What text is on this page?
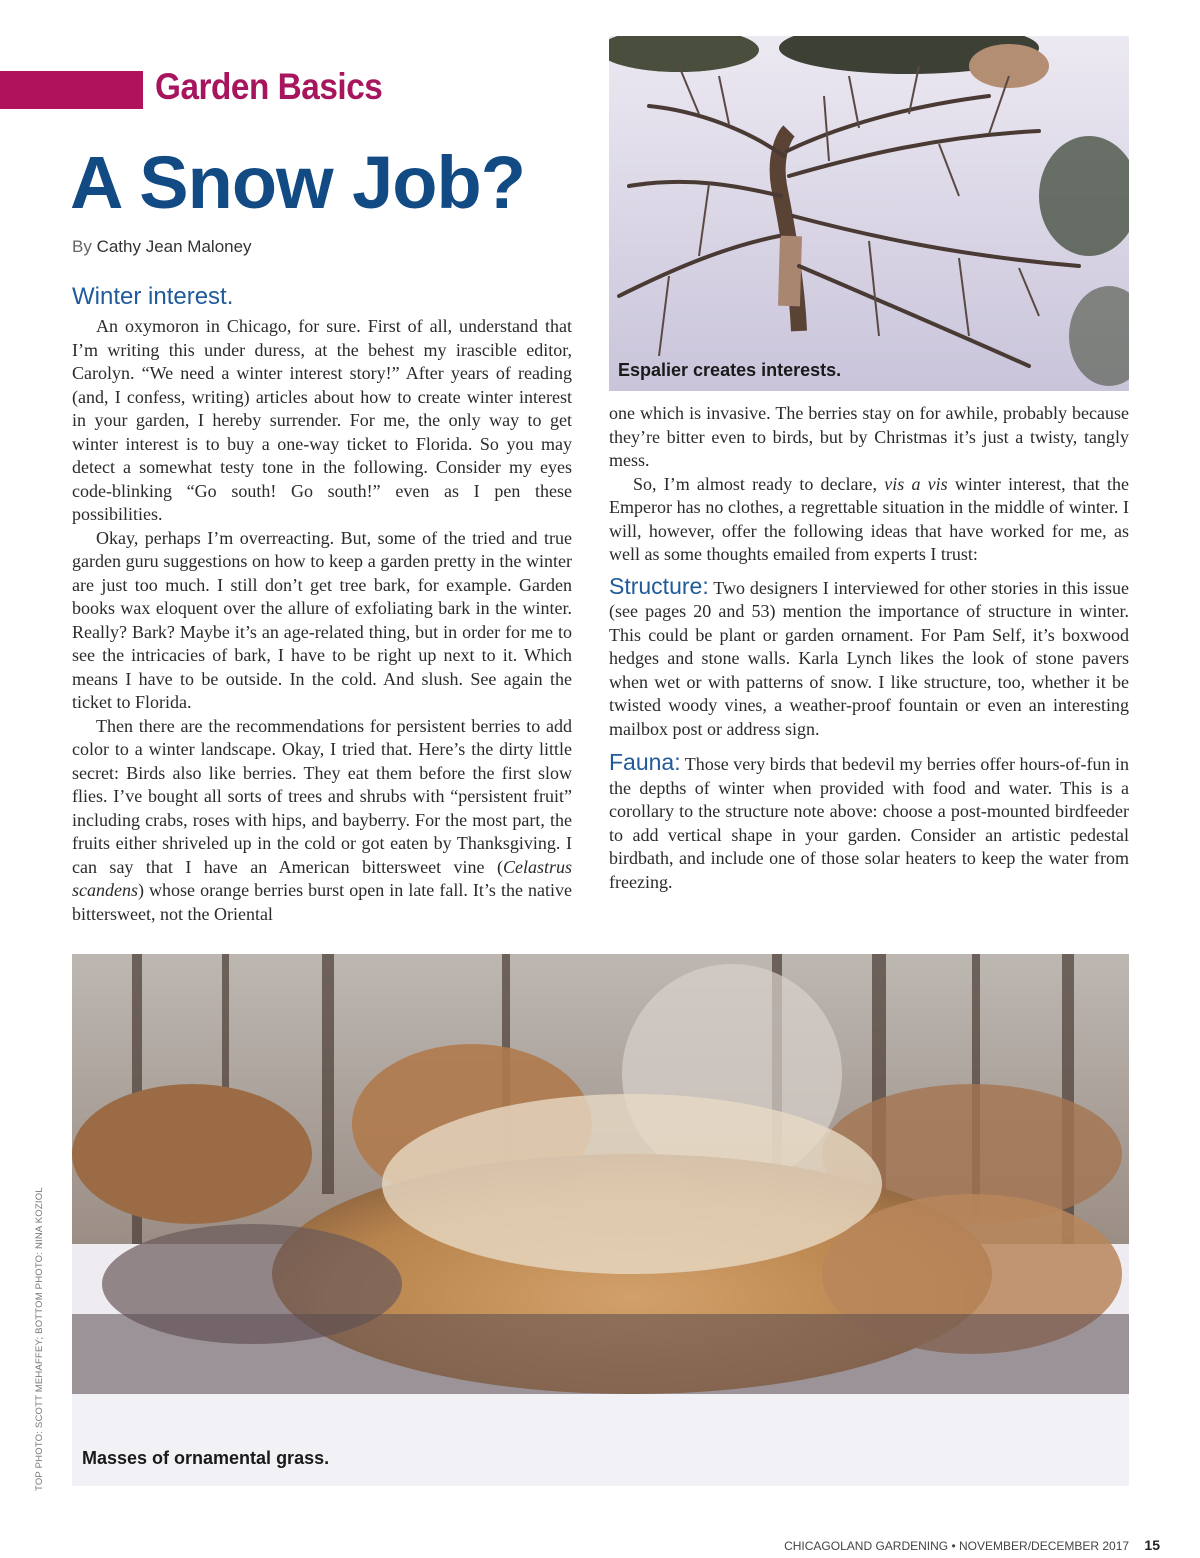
Garden Basics
A Snow Job?
By Cathy Jean Maloney
Winter interest.

An oxymoron in Chicago, for sure. First of all, understand that I’m writing this under duress, at the behest my irascible editor, Carolyn. “We need a winter interest story!” After years of reading (and, I confess, writing) articles about how to create winter interest in your garden, I hereby surrender. For me, the only way to get winter interest is to buy a one-way ticket to Florida. So you may detect a somewhat testy tone in the following. Consider my eyes code-blinking “Go south! Go south!” even as I pen these possibilities.

Okay, perhaps I’m overreacting. But, some of the tried and true garden guru suggestions on how to keep a garden pretty in the winter are just too much. I still don’t get tree bark, for example. Garden books wax eloquent over the allure of exfoliating bark in the winter. Really? Bark? Maybe it’s an age-related thing, but in order for me to see the intricacies of bark, I have to be right up next to it. Which means I have to be outside. In the cold. And slush. See again the ticket to Florida.

Then there are the recommendations for persistent berries to add color to a winter landscape. Okay, I tried that. Here’s the dirty little secret: Birds also like berries. They eat them before the first slow flies. I’ve bought all sorts of trees and shrubs with “persistent fruit” including crabs, roses with hips, and bayberry. For the most part, the fruits either shriveled up in the cold or got eaten by Thanksgiving. I can say that I have an American bittersweet vine (Celastrus scandens) whose orange berries burst open in late fall. It’s the native bittersweet, not the Oriental

Espalier creates interests.

one which is invasive. The berries stay on for awhile, probably because they’re bitter even to birds, but by Christmas it’s just a twisty, tangly mess.

So, I’m almost ready to declare, vis a vis winter interest, that the Emperor has no clothes, a regrettable situation in the middle of winter. I will, however, offer the following ideas that have worked for me, as well as some thoughts emailed from experts I trust:

Structure: Two designers I interviewed for other stories in this issue (see pages 20 and 53) mention the importance of structure in winter. This could be plant or garden ornament. For Pam Self, it’s boxwood hedges and stone walls. Karla Lynch likes the look of stone pavers when wet or with patterns of snow. I like structure, too, whether it be twisted woody vines, a weather-proof fountain or even an interesting mailbox post or address sign.

Fauna: Those very birds that bedevil my berries offer hours-of-fun in the depths of winter when provided with food and water. This is a corollary to the structure note above: choose a post-mounted birdfeeder to add vertical shape in your garden. Consider an artistic pedestal birdbath, and include one of those solar heaters to keep the water from freezing.

Masses of ornamental grass.
TOP PHOTO: SCOTT MEHAFFEY; BOTTOM PHOTO: NINA KOZIOL
CHICAGOLAND GARDENING • NOVEMBER/DECEMBER 2017 15
